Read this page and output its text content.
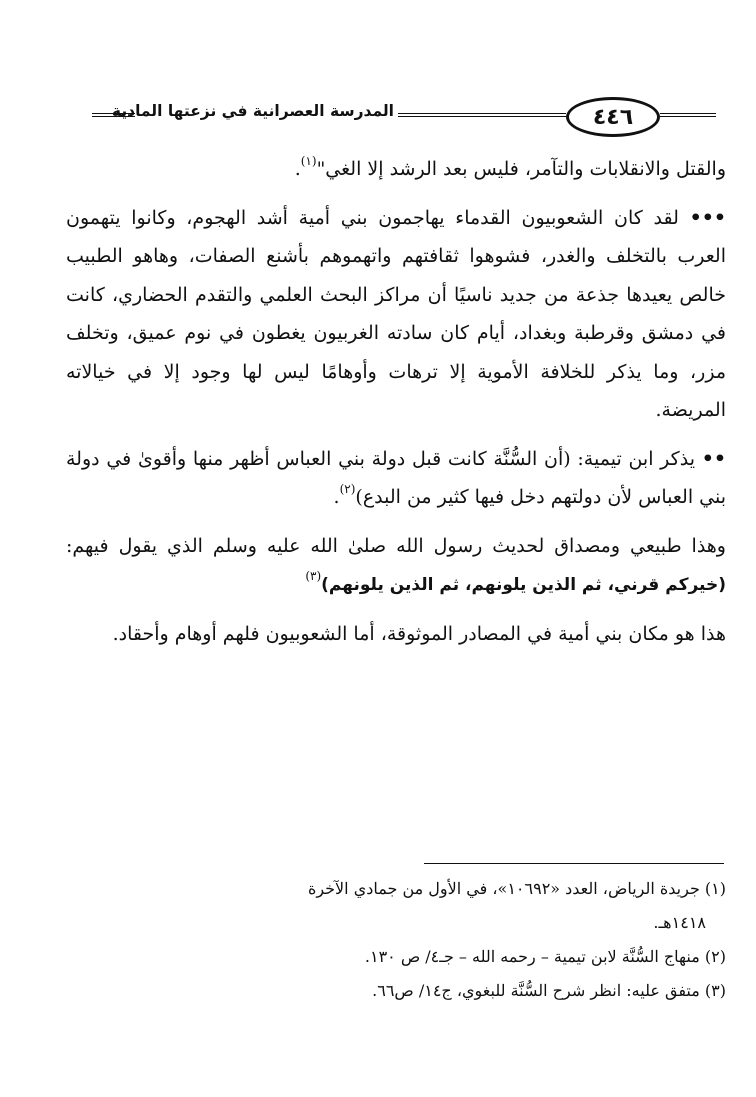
٤٤٦
المدرسة العصرانية في نزعتها المادية

والقتل والانقلابات والتآمر، فليس بعد الرشد إلا الغي"$^{(١)}$.

••• لقد كان الشعوبيون القدماء يهاجمون بني أمية أشد الهجوم، وكانوا يتهمون العرب بالتخلف والغدر، فشوهوا ثقافتهم واتهموهم بأشنع الصفات، وهاهو الطبيب خالص يعيدها جذعة من جديد ناسيًا أن مراكز البحث العلمي والتقدم الحضاري، كانت في دمشق وقرطبة وبغداد، أيام كان سادته الغربيون يغطون في نوم عميق، وتخلف مزر، وما يذكر للخلافة الأموية إلا ترهات وأوهامًا ليس لها وجود إلا في خيالاته المريضة.

•• يذكر ابن تيمية: (أن السُّنَّة كانت قبل دولة بني العباس أظهر منها وأقوىٰ في دولة بني العباس لأن دولتهم دخل فيها كثير من البدع)$^{(٢)}$.

وهذا طبيعي ومصداق لحديث رسول الله صلىٰ الله عليه وسلم الذي يقول فيهم: (خيركم قرني، ثم الذين يلونهم، ثم الذين يلونهم)$^{(٣)}$

هذا هو مكان بني أمية في المصادر الموثوقة، أما الشعوبيون فلهم أوهام وأحقاد.

(١) جريدة الرياض، العدد «١٠٦٩٢»، في الأول من جمادي الآخرة

١٤١٨هـ.

(٢) منهاج السُّنَّة لابن تيمية – رحمه الله – جـ٤/ ص ١٣٠.

(٣) متفق عليه: انظر شرح السُّنَّة للبغوي، ج١٤/ ص٦٦.
